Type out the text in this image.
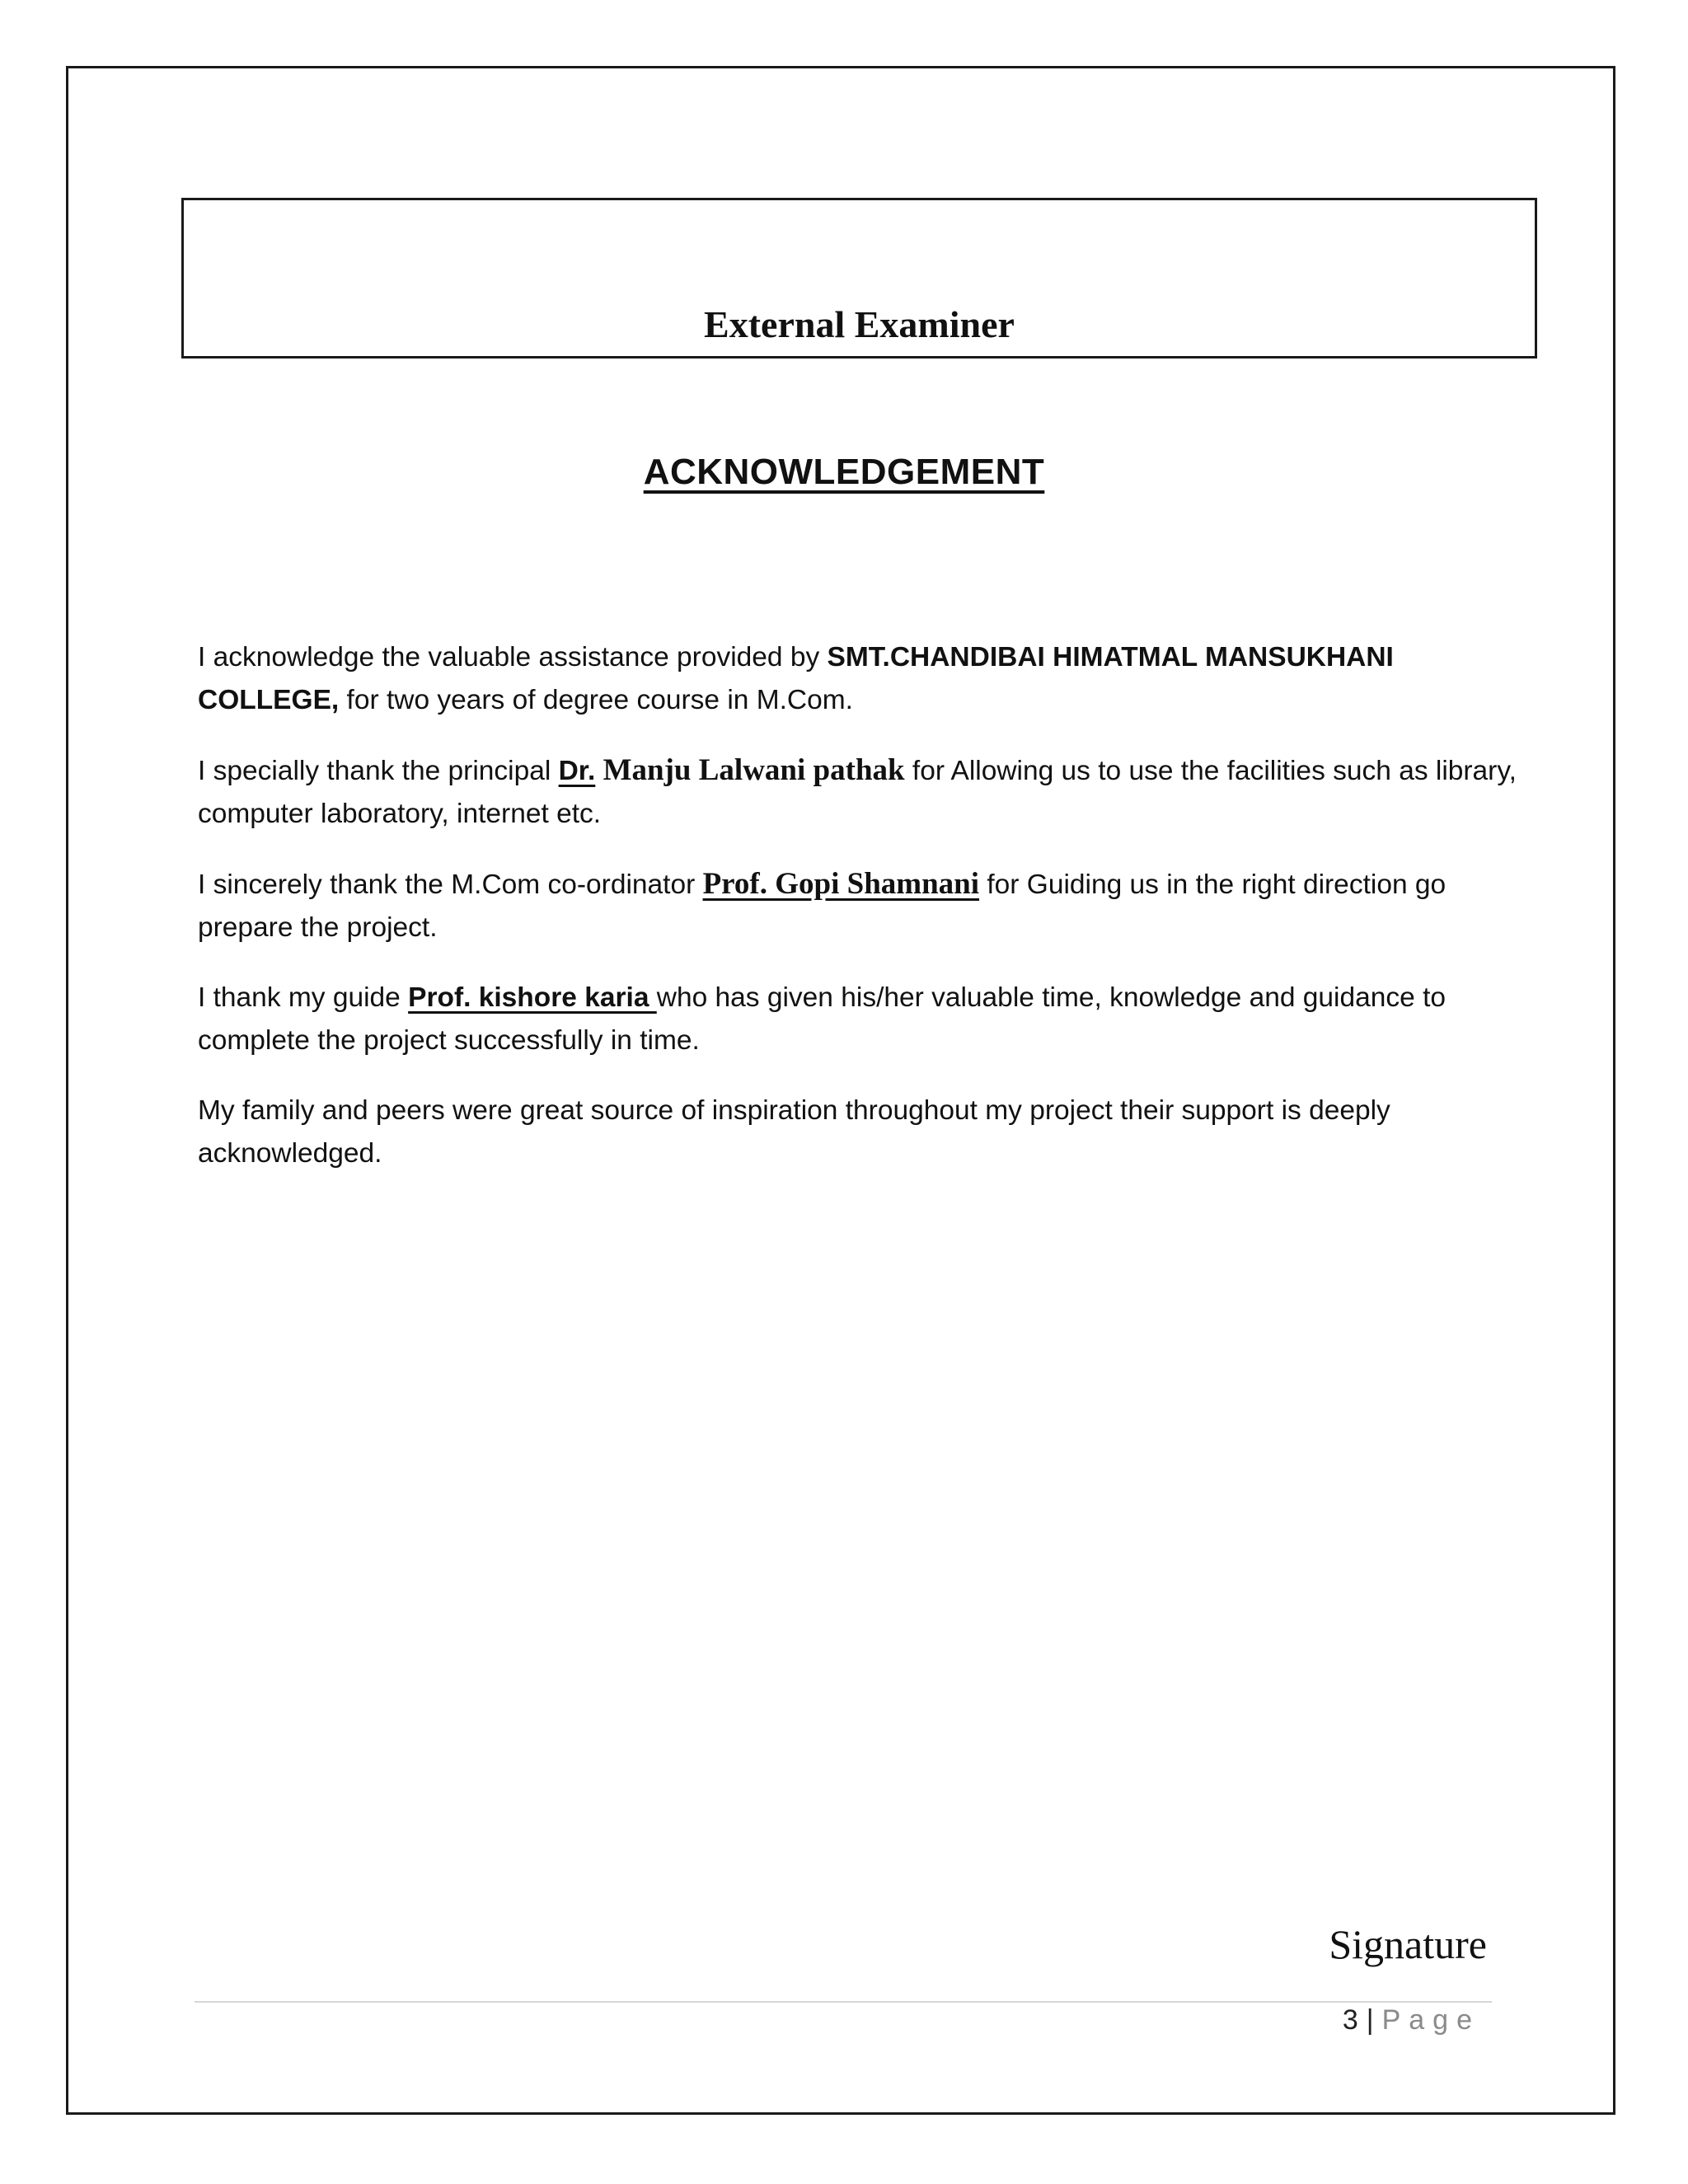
External Examiner
ACKNOWLEDGEMENT

I acknowledge the valuable assistance provided by SMT.CHANDIBAI HIMATMAL MANSUKHANI COLLEGE, for two years of degree course in M.Com.

I specially thank the principal Dr. Manju Lalwani pathak for Allowing us to use the facilities such as library, computer laboratory, internet etc.

I sincerely thank the M.Com co-ordinator Prof. Gopi Shamnani for Guiding us in the right direction go prepare the project.

I thank my guide Prof. kishore karia who has given his/her valuable time, knowledge and guidance to complete the project successfully in time.

My family and peers were great source of inspiration throughout my project their support is deeply acknowledged.

Signature
3 | Page
